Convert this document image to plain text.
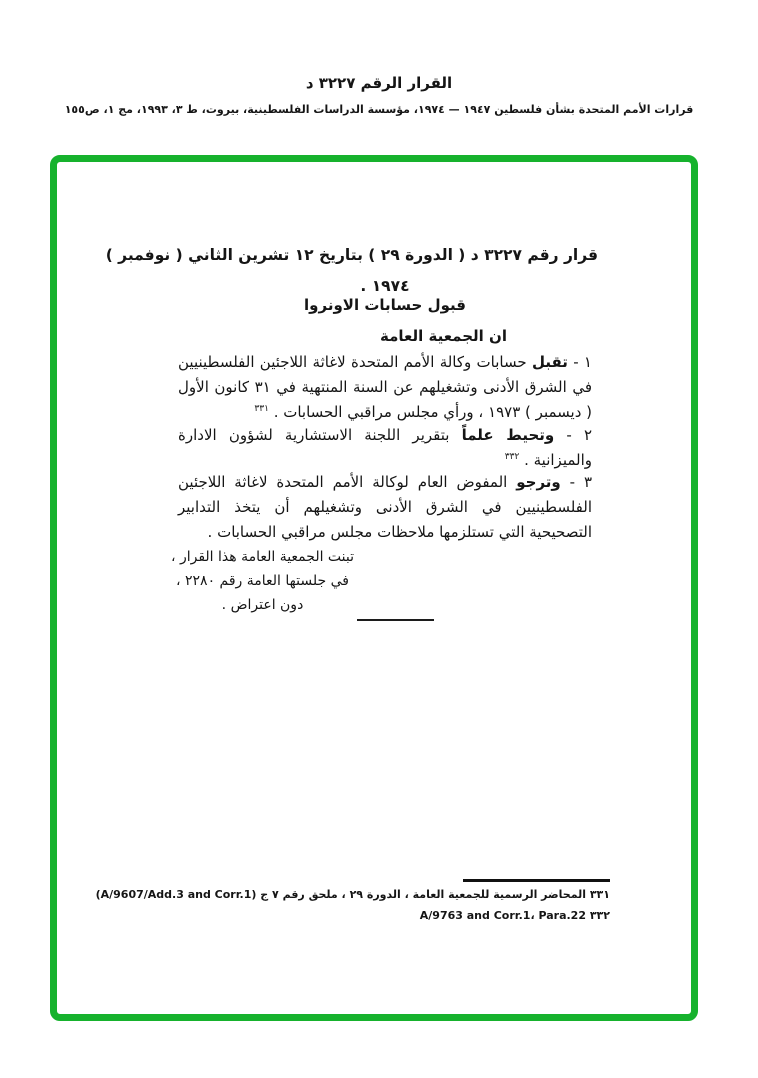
القرار الرقم ٣٢٢٧ د
قرارات الأمم المتحدة بشأن فلسطين ١٩٤٧ — ١٩٧٤، مؤسسة الدراسات الفلسطينية، بيروت، ط ٣، ١٩٩٣، مج ١، ص١٥٥
قرار رقم ٣٢٢٧ د ( الدورة ٢٩ ) بتاريخ ١٢ تشرين الثاني ( نوفمبر )
١٩٧٤ .
قبول حسابات الاونروا
ان الجمعية العامة

١ - تقبل حسابات وكالة الأمم المتحدة لاغاثة اللاجئين الفلسطينيين في الشرق الأدنى وتشغيلهم عن السنة المنتهية في ٣١ كانون الأول ( ديسمبر ) ١٩٧٣ ، ورأي مجلس مراقبي الحسابات . $^{٣٣١}$

٢ - وتحيط علماً بتقرير اللجنة الاستشارية لشؤون الادارة والميزانية . $^{٣٣٢}$

٣ - وترجو المفوض العام لوكالة الأمم المتحدة لاغاثة اللاجئين الفلسطينيين في الشرق الأدنى وتشغيلهم أن يتخذ التدابير التصحيحية التي تستلزمها ملاحظات مجلس مراقبي الحسابات .

تبنت الجمعية العامة هذا القرار ،
في جلستها العامة رقم ٢٢٨٠ ،
دون اعتراض .

٣٣١ المحاضر الرسمية للجمعية العامة ، الدورة ٢٩ ، ملحق رقم ٧ ج (A/9607/Add.3 and Corr.1)

٣٣٢ A/9763 and Corr.1، Para.22
